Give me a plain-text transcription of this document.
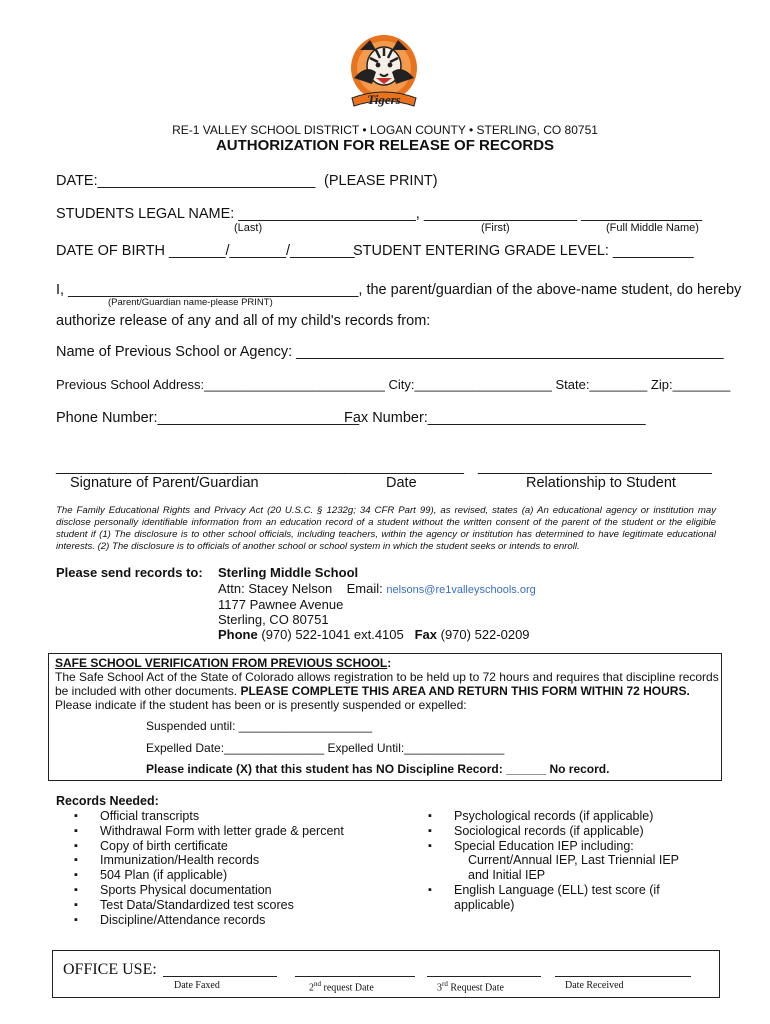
Tigers
RE-1 VALLEY SCHOOL DISTRICT • LOGAN COUNTY • STERLING, CO 80751
AUTHORIZATION FOR RELEASE OF RECORDS
DATE:___________________________ (PLEASE PRINT)
STUDENTS LEGAL NAME: ______________________, ___________________ _______________
(Last)	(First)	(Full Middle Name)
DATE OF BIRTH _______/_______/________
STUDENT ENTERING GRADE LEVEL: __________
I, ____________________________________, the parent/guardian of the above-name student, do hereby
(Parent/Guardian name-please PRINT)
authorize release of any and all of my child's records from:
Name of Previous School or Agency: _____________________________________________________
Previous School Address:_________________________ City:___________________ State:________ Zip:________
Phone Number:_________________________
Fax Number:___________________________
____________________________________
_______________ _____________________________
Signature of Parent/Guardian	Date	Relationship to Student
The Family Educational Rights and Privacy Act (20 U.S.C. § 1232g; 34 CFR Part 99), as revised, states (a) An educational agency or institution may disclose personally identifiable information from an education record of a student without the written consent of the parent of the student or the eligible student if (1) The disclosure is to other school officials, including teachers, within the agency or institution has determined to have legitimate educational interests. (2) The disclosure is to officials of another school or school system in which the student seeks or intends to enroll.
Please send records to: Sterling Middle School
Attn: Stacey Nelson Email: nelsons@re1valleyschools.org
1177 Pawnee Avenue
Sterling, CO 80751
Phone (970) 522-1041 ext.4105 Fax (970) 522-0209
SAFE SCHOOL VERIFICATION FROM PREVIOUS SCHOOL:
The Safe School Act of the State of Colorado allows registration to be held up to 72 hours and requires that discipline records
be included with other documents. PLEASE COMPLETE THIS AREA AND RETURN THIS FORM WITHIN 72 HOURS.
Please indicate if the student has been or is presently suspended or expelled:
Suspended until: ____________________
Expelled Date:_______________ Expelled Until:_______________
Please indicate (X) that this student has NO Discipline Record: ______ No record.
Records Needed:
▪ Official transcripts
▪ Withdrawal Form with letter grade & percent
▪ Copy of birth certificate
▪ Immunization/Health records
▪ 504 Plan (if applicable)
▪ Sports Physical documentation
▪ Test Data/Standardized test scores
▪ Discipline/Attendance records
▪ Psychological records (if applicable)
▪ Sociological records (if applicable)
▪ Special Education IEP including:
Current/Annual IEP, Last Triennial IEP
and Initial IEP
▪ English Language (ELL) test score (if
applicable)
OFFICE USE:
Date Faxed	2nd request Date	3rd Request Date	Date Received
